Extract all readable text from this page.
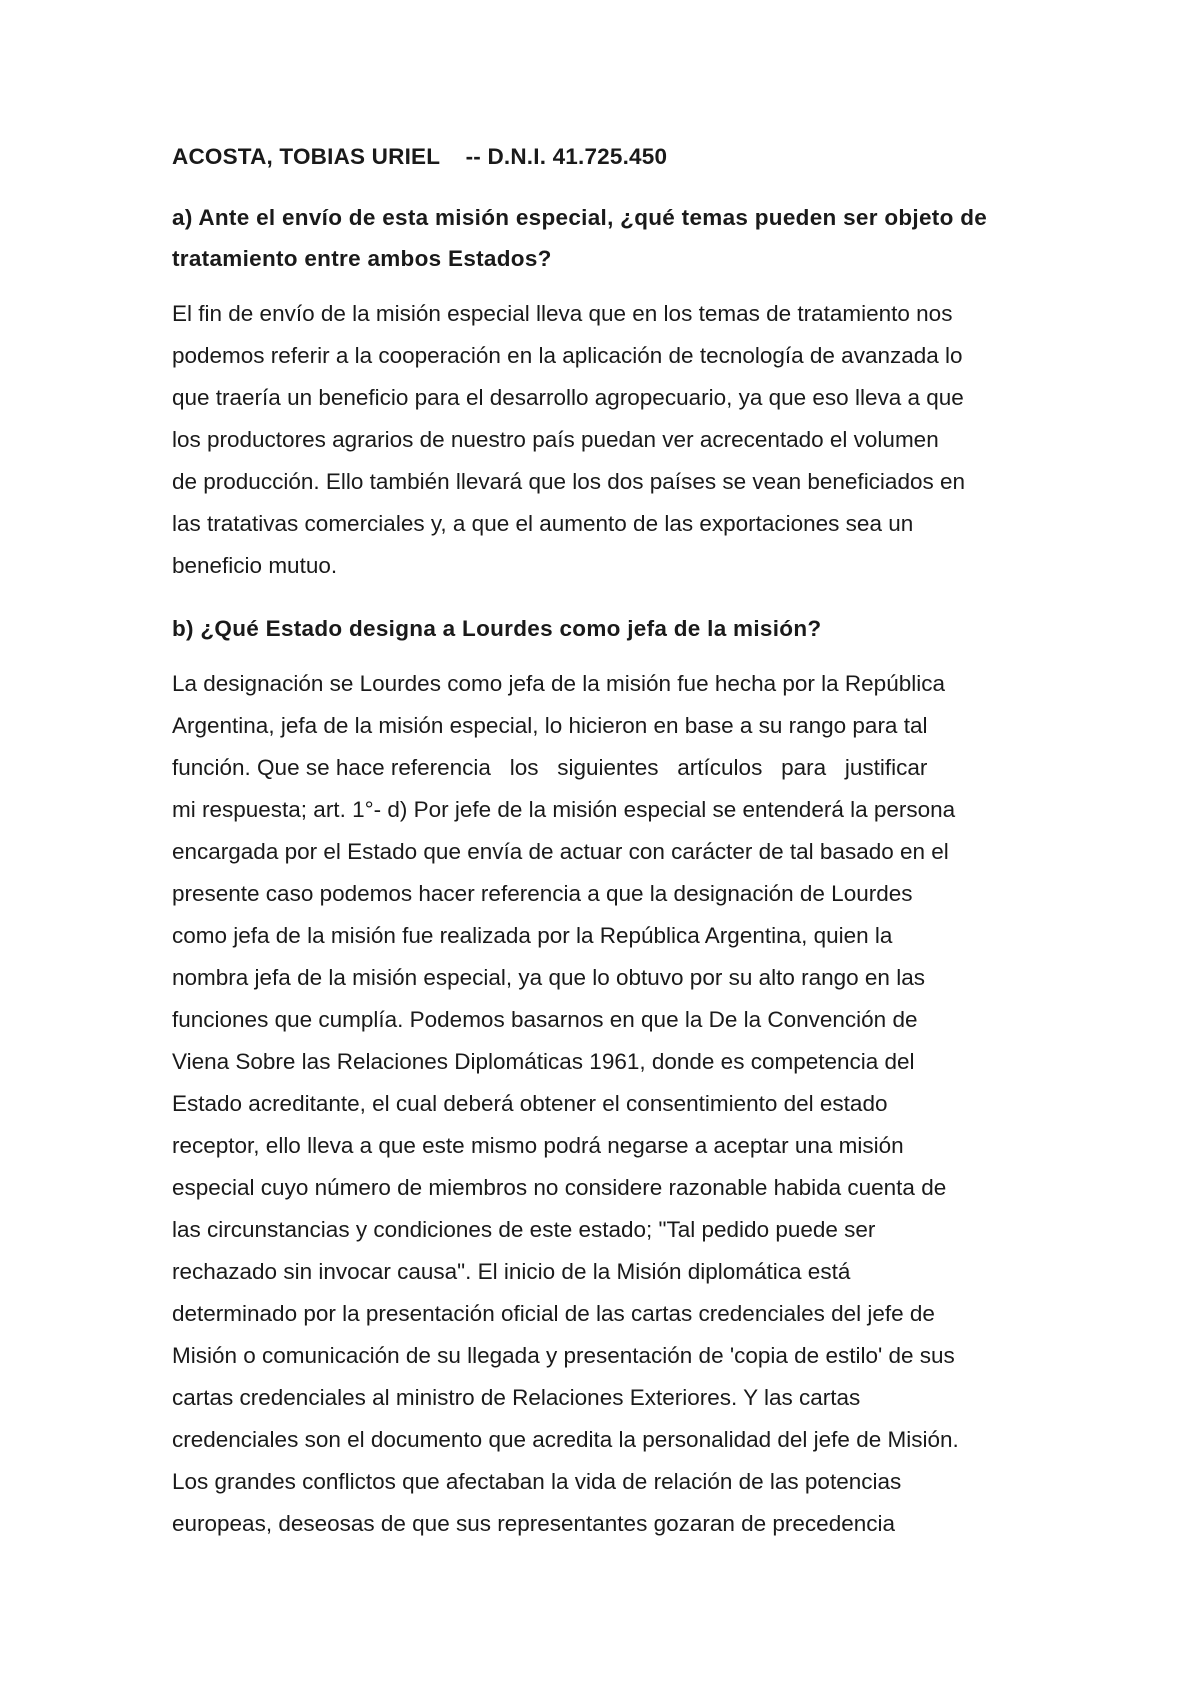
ACOSTA, TOBIAS URIEL -- D.N.I. 41.725.450
a) Ante el envío de esta misión especial, ¿qué temas pueden ser objeto de
tratamiento entre ambos Estados?
El fin de envío de la misión especial lleva que en los temas de tratamiento nos
podemos referir a la cooperación en la aplicación de tecnología de avanzada lo
que traería un beneficio para el desarrollo agropecuario, ya que eso lleva a que
los productores agrarios de nuestro país puedan ver acrecentado el volumen
de producción. Ello también llevará que los dos países se vean beneficiados en
las tratativas comerciales y, a que el aumento de las exportaciones sea un
beneficio mutuo.
b) ¿Qué Estado designa a Lourdes como jefa de la misión?
La designación se Lourdes como jefa de la misión fue hecha por la República
Argentina, jefa de la misión especial, lo hicieron en base a su rango para tal
función. Que se hace referencia   los   siguientes   artículos   para   justificar
mi respuesta; art. 1°- d) Por jefe de la misión especial se entenderá la persona
encargada por el Estado que envía de actuar con carácter de tal basado en el
presente caso podemos hacer referencia a que la designación de Lourdes
como jefa de la misión fue realizada por la República Argentina, quien la
nombra jefa de la misión especial, ya que lo obtuvo por su alto rango en las
funciones que cumplía. Podemos basarnos en que la De la Convención de
Viena Sobre las Relaciones Diplomáticas 1961, donde es competencia del
Estado acreditante, el cual deberá obtener el consentimiento del estado
receptor, ello lleva a que este mismo podrá negarse a aceptar una misión
especial cuyo número de miembros no considere razonable habida cuenta de
las circunstancias y condiciones de este estado; "Tal pedido puede ser
rechazado sin invocar causa". El inicio de la Misión diplomática está
determinado por la presentación oficial de las cartas credenciales del jefe de
Misión o comunicación de su llegada y presentación de 'copia de estilo' de sus
cartas credenciales al ministro de Relaciones Exteriores. Y las cartas
credenciales son el documento que acredita la personalidad del jefe de Misión.
Los grandes conflictos que afectaban la vida de relación de las potencias
europeas, deseosas de que sus representantes gozaran de precedencia
